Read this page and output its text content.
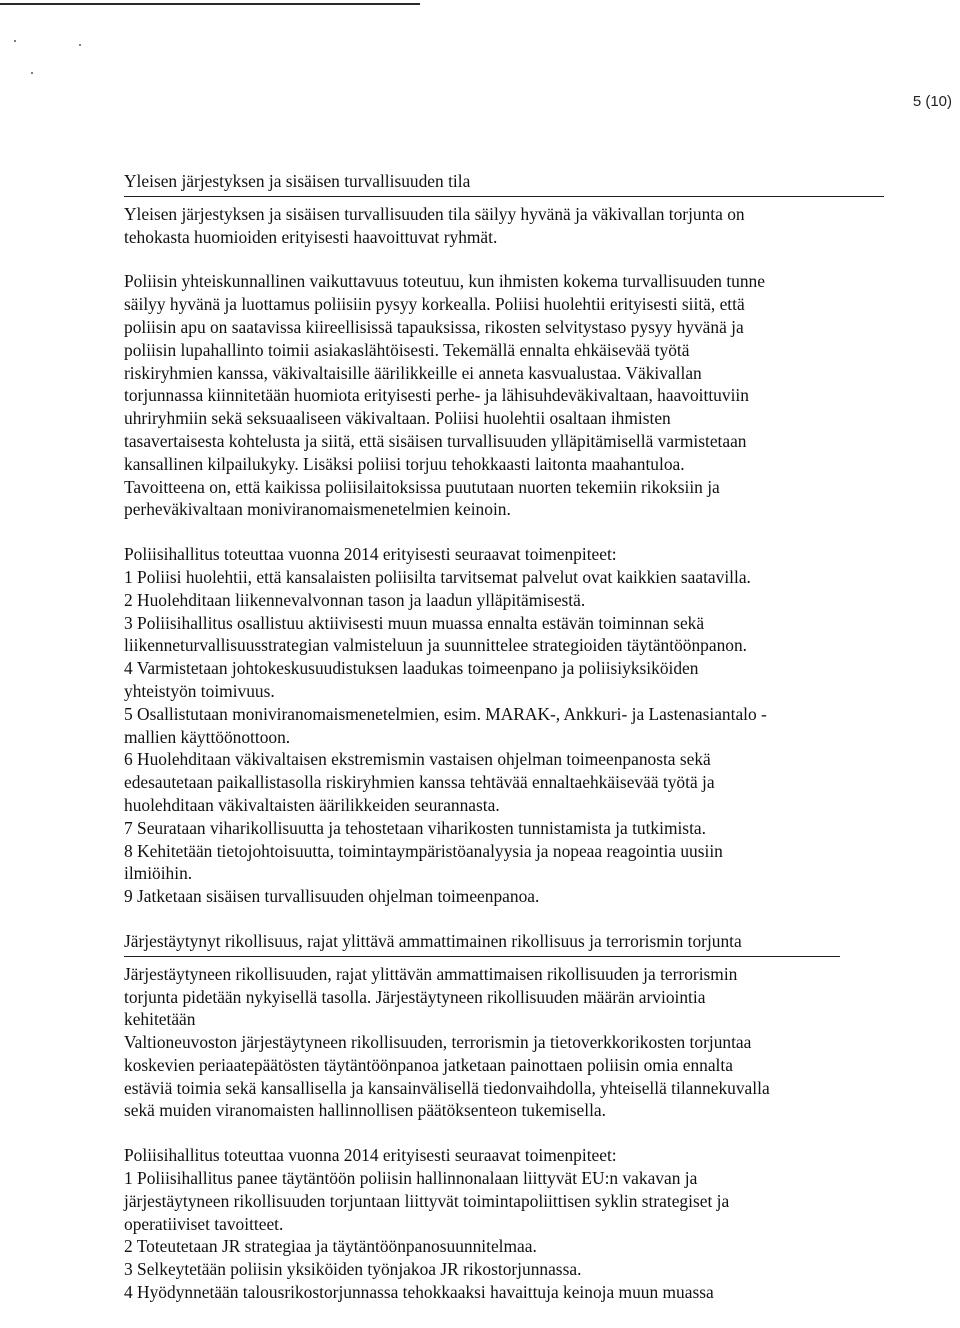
5 (10)
Yleisen järjestyksen ja sisäisen turvallisuuden tila
Yleisen järjestyksen ja sisäisen turvallisuuden tila säilyy hyvänä ja väkivallan torjunta on
tehokasta huomioiden erityisesti haavoittuvat ryhmät.
Poliisin yhteiskunnallinen vaikuttavuus toteutuu, kun ihmisten kokema turvallisuuden tunne
säilyy hyvänä ja luottamus poliisiin pysyy korkealla. Poliisi huolehtii erityisesti siitä, että
poliisin apu on saatavissa kiireellisissä tapauksissa, rikosten selvitystaso pysyy hyvänä ja
poliisin lupahallinto toimii asiakaslähtöisesti. Tekemällä ennalta ehkäisevää työtä
riskiryhmien kanssa, väkivaltaisille äärilikkeille ei anneta kasvualustaa. Väkivallan
torjunnassa kiinnitetään huomiota erityisesti perhe- ja lähisuhdeväkivaltaan, haavoittuviin
uhriryhmiin sekä seksuaaliseen väkivaltaan. Poliisi huolehtii osaltaan ihmisten
tasavertaisesta kohtelusta ja siitä, että sisäisen turvallisuuden ylläpitämisellä varmistetaan
kansallinen kilpailukyky. Lisäksi poliisi torjuu tehokkaasti laitonta maahantuloa.
Tavoitteena on, että kaikissa poliisilaitoksissa puututaan nuorten tekemiin rikoksiin ja
perheväkivaltaan moniviranomaismenetelmien keinoin.

Poliisihallitus toteuttaa vuonna 2014 erityisesti seuraavat toimenpiteet:

1 Poliisi huolehtii, että kansalaisten poliisilta tarvitsemat palvelut ovat kaikkien saatavilla.
2 Huolehditaan liikennevalvonnan tason ja laadun ylläpitämisestä.
3 Poliisihallitus osallistuu aktiivisesti muun muassa ennalta estävän toiminnan sekä
liikenneturvallisuusstrategian valmisteluun ja suunnittelee strategioiden täytäntöönpanon.
4 Varmistetaan johtokeskusuudistuksen laadukas toimeenpano ja poliisiyksiköiden
yhteistyön toimivuus.
5 Osallistutaan moniviranomaismenetelmien, esim. MARAK-, Ankkuri- ja Lastenasiantalo -
mallien käyttöönottoon.
6 Huolehditaan väkivaltaisen ekstremismin vastaisen ohjelman toimeenpanosta sekä
edesautetaan paikallistasolla riskiryhmien kanssa tehtävää ennaltaehkäisevää työtä ja
huolehditaan väkivaltaisten äärilikkeiden seurannasta.
7 Seurataan viharikollisuutta ja tehostetaan viharikosten tunnistamista ja tutkimista.
8 Kehitetään tietojohtoisuutta, toimintaympäristöanalyysia ja nopeaa reagointia uusiin
ilmiöihin.
9 Jatketaan sisäisen turvallisuuden ohjelman toimeenpanoa.
Järjestäytynyt rikollisuus, rajat ylittävä ammattimainen rikollisuus ja terrorismin torjunta
Järjestäytyneen rikollisuuden, rajat ylittävän ammattimaisen rikollisuuden ja terrorismin
torjunta pidetään nykyisellä tasolla. Järjestäytyneen rikollisuuden määrän arviointia
kehitetään
Valtioneuvoston järjestäytyneen rikollisuuden, terrorismin ja tietoverkkorikosten torjuntaa
koskevien periaatepäätösten täytäntöönpanoa jatketaan painottaen poliisin omia ennalta
estäviä toimia sekä kansallisella ja kansainvälisellä tiedonvaihdolla, yhteisellä tilannekuvalla
sekä muiden viranomaisten hallinnollisen päätöksenteon tukemisella.

Poliisihallitus toteuttaa vuonna 2014 erityisesti seuraavat toimenpiteet:

1 Poliisihallitus panee täytäntöön poliisin hallinnonalaan liittyvät EU:n vakavan ja
järjestäytyneen rikollisuuden torjuntaan liittyvät toimintapoliittisen syklin strategiset ja
operatiiviset tavoitteet.
2 Toteutetaan JR strategiaa ja täytäntöönpanosuunnitelmaa.
3 Selkeytetään poliisin yksiköiden työnjakoa JR rikostorjunnassa.
4 Hyödynnetään talousrikostorjunnassa tehokkaaksi havaittuja keinoja muun muassa
